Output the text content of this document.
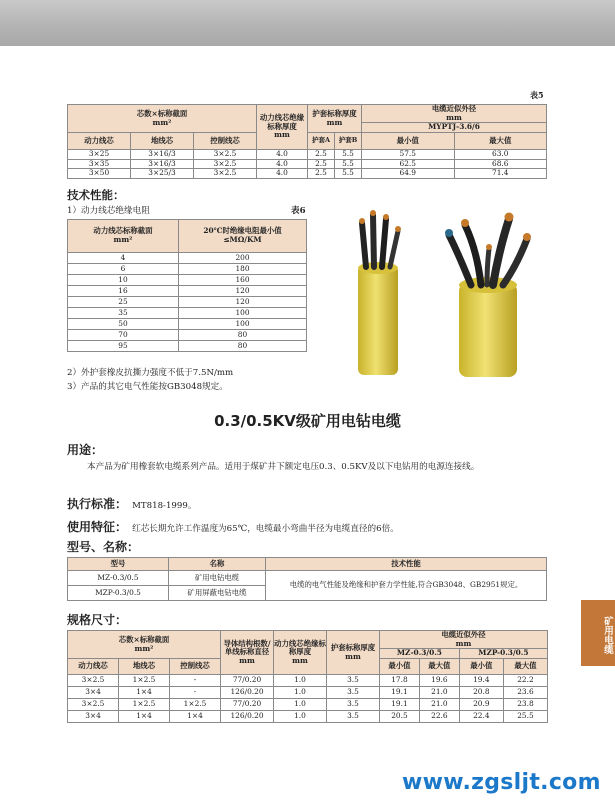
表5
芯数×标称截面
mm²			动力线芯绝缘标称厚度
mm	护套标称厚度
mm		电缆近似外径
mm	
						MYPTJ-3.6/6	
动力线芯	地线芯	控制线芯		护套A	护套B	最小值	最大值
3×25	3×16/3	3×2.5	4.0	2.5	5.5	57.5	63.0
3×35	3×16/3	3×2.5	4.0	2.5	5.5	62.5	68.6
3×50	3×25/3	3×2.5	4.0	2.5	5.5	64.9	71.4
技术性能：
1）动力线芯绝缘电阻	表6
动力线芯标称截面
mm²	20℃时绝缘电阻最小值
≤MΩ/KM
4	200
6	180
10	160
16	120
25	120
35	100
50	100
70	80
95	80
2）外护套橡皮抗撕力强度不低于7.5N/mm
3）产品的其它电气性能按GB3048规定。
0.3/0.5KV级矿用电钻电缆
用途：
本产品为矿用橡套软电缆系列产品。适用于煤矿井下额定电压0.3、0.5KV及以下电钻用的电源连接线。
执行标准： MT818-1999。
使用特征： 红芯长期允许工作温度为65℃，电缆最小弯曲半径为电缆直径的6倍。
型号、名称：
型号	名称	技术性能
MZ-0.3/0.5	矿用电钻电缆	电缆的电气性能及绝缘和护套力学性能,符合GB3048、GB2951规定。
MZP-0.3/0.5	矿用屏蔽电钻电缆	
规格尺寸：
芯数×标称截面
mm²			导体结构根数/单线标称直径
mm	动力线芯绝缘标称厚度
mm	护套标称厚度
mm	电缆近似外径
mm			
						MZ-0.3/0.5		MZP-0.3/0.5	
动力线芯	地线芯	控制线芯				最小值	最大值	最小值	最大值
3×2.5	1×2.5	-	77/0.20	1.0	3.5	17.8	19.6	19.4	22.2
3×4	1×4	-	126/0.20	1.0	3.5	19.1	21.0	20.8	23.6
3×2.5	1×2.5	1×2.5	77/0.20	1.0	3.5	19.1	21.0	20.9	23.8
3×4	1×4	1×4	126/0.20	1.0	3.5	20.5	22.6	22.4	25.5
矿用电缆
www.zgsljt.com
